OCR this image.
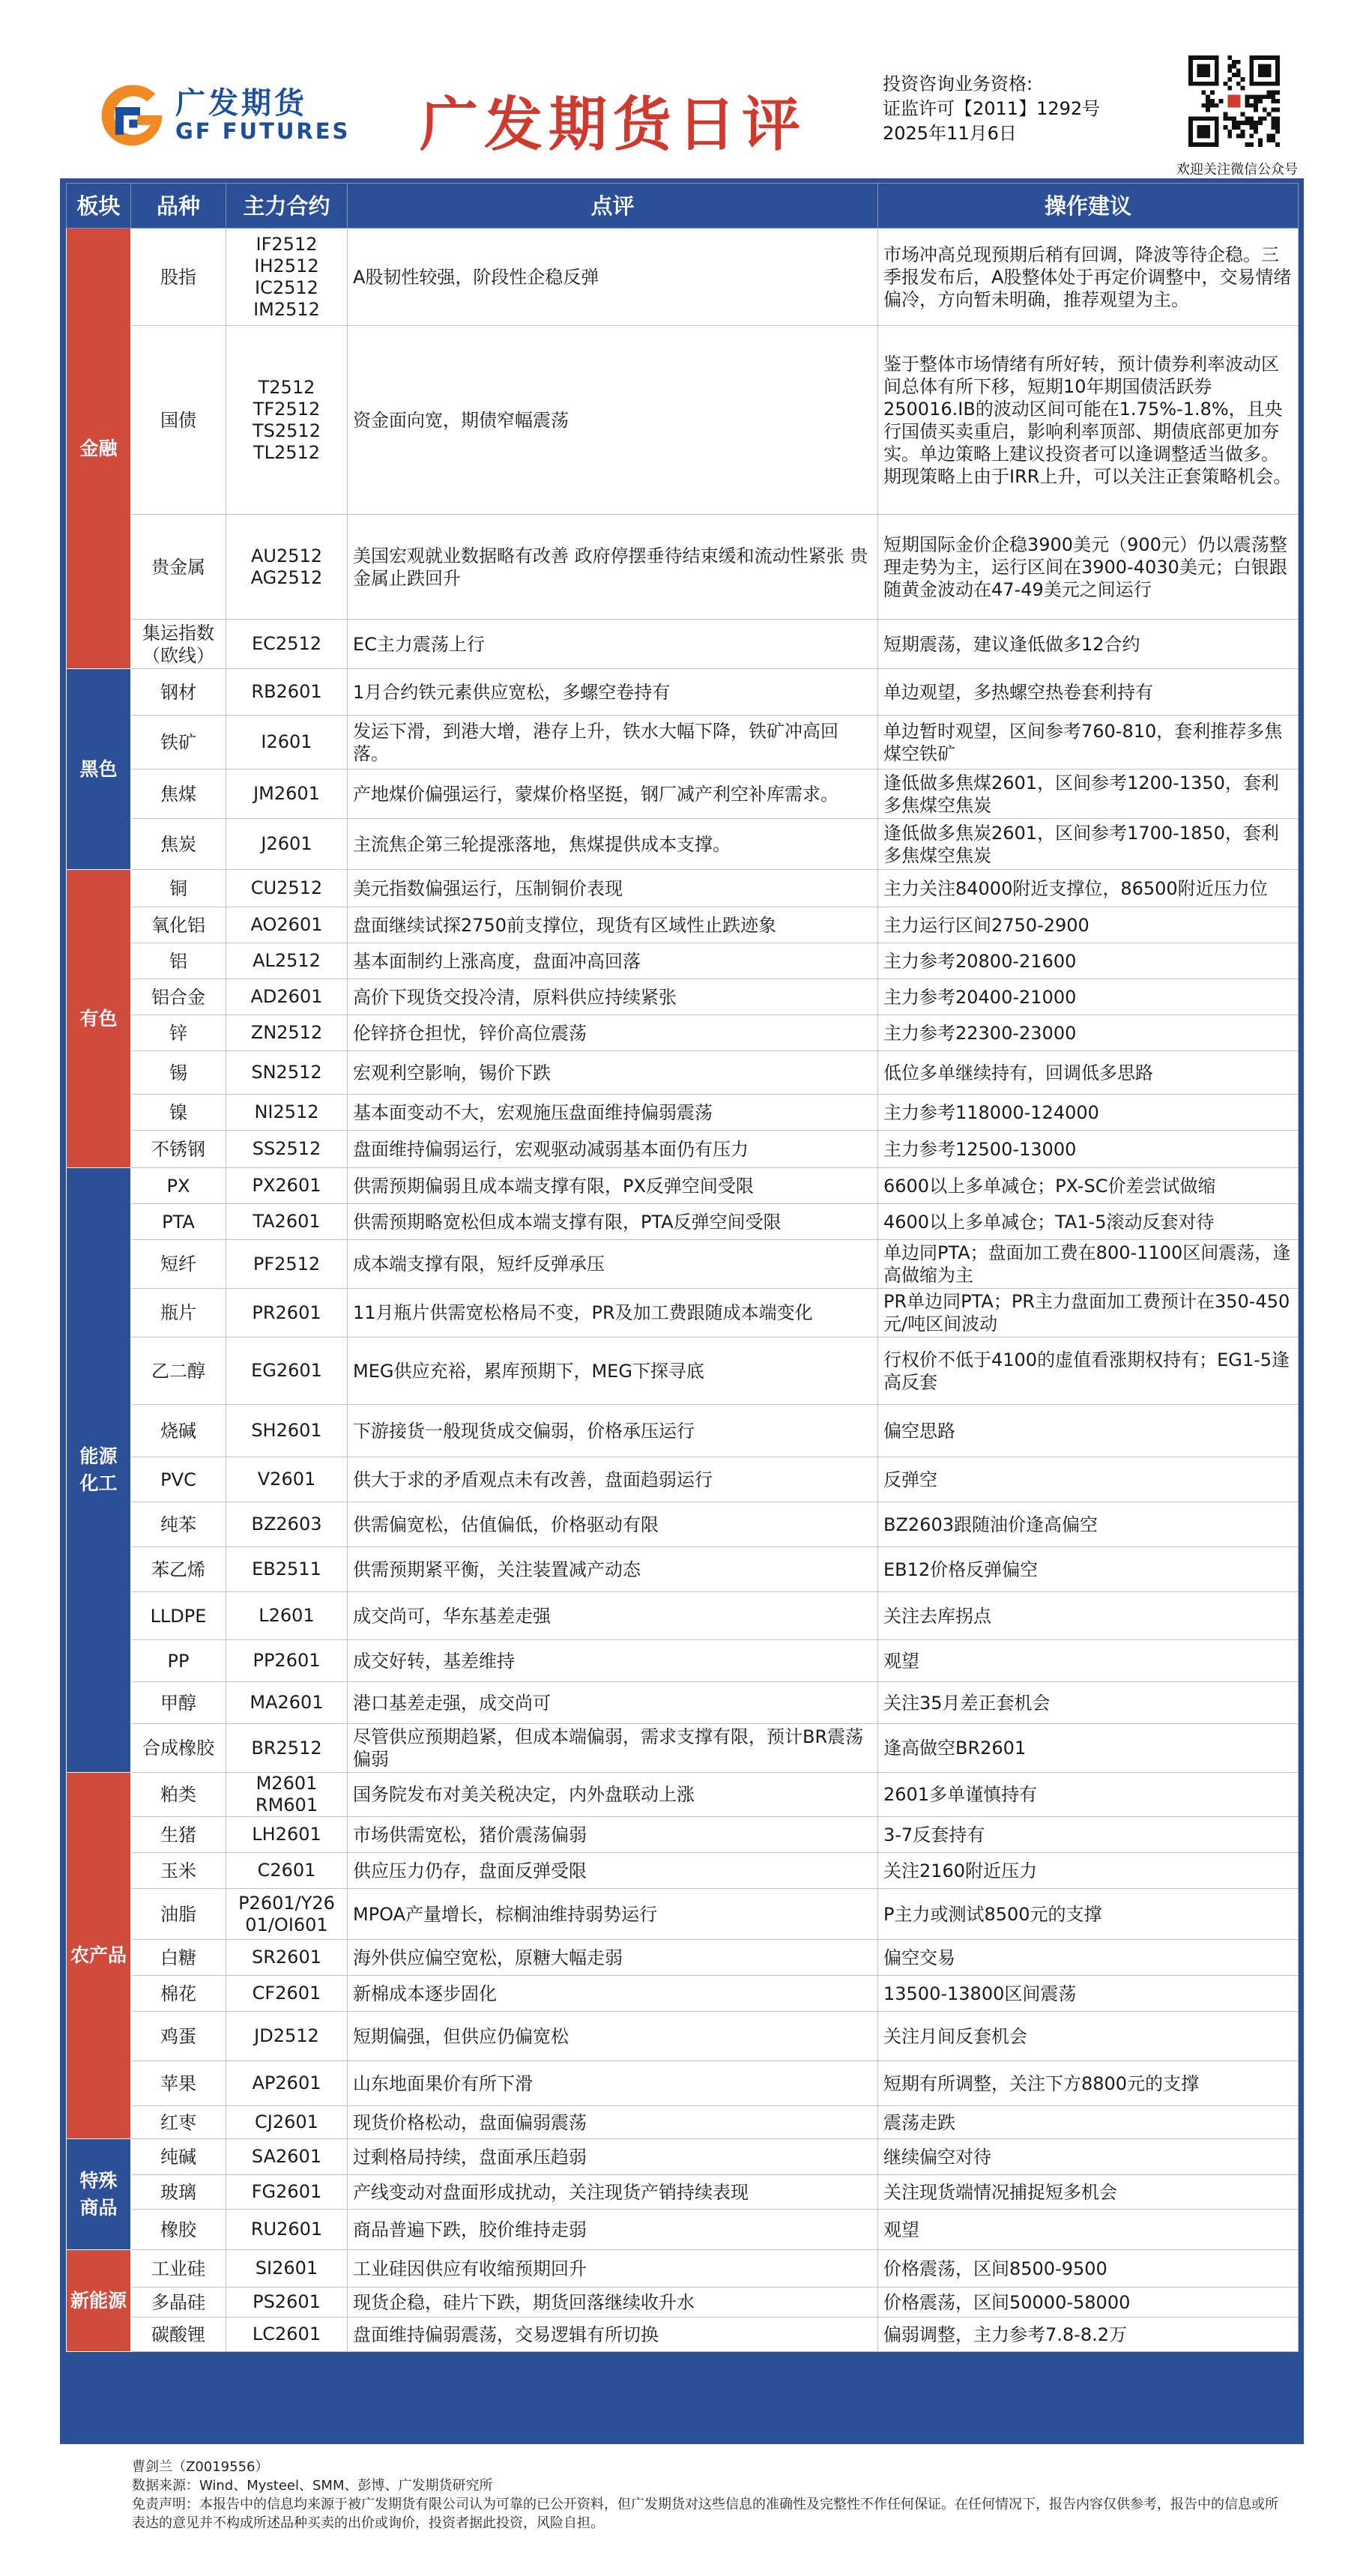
广发期货
GF FUTURES 广发期货日评
投资咨询业务资格:
证监许可【2011】1292号
2025年11月6日
欢迎关注微信公众号
板块	品种	主力合约	点评	操作建议
金融	股指	IF2512
IH2512
IC2512
IM2512	A股韧性较强，阶段性企稳反弹	市场冲高兑现预期后稍有回调，降波等待企稳。三季报发布后，A股整体处于再定价调整中，交易情绪偏冷，方向暂未明确，推荐观望为主。
	国债	T2512
TF2512
TS2512
TL2512	资金面向宽，期债窄幅震荡	鉴于整体市场情绪有所好转，预计债券利率波动区间总体有所下移，短期10年期国债活跃券250016.IB的波动区间可能在1.75%-1.8%，且央行国债买卖重启，影响利率顶部、期债底部更加夯实。单边策略上建议投资者可以逢调整适当做多。期现策略上由于IRR上升，可以关注正套策略机会。
	贵金属	AU2512
AG2512	美国宏观就业数据略有改善 政府停摆垂待结束缓和流动性紧张 贵金属止跌回升	短期国际金价企稳3900美元（900元）仍以震荡整理走势为主，运行区间在3900-4030美元；白银跟随黄金波动在47-49美元之间运行
	集运指数
（欧线）	EC2512	EC主力震荡上行	短期震荡，建议逢低做多12合约
黑色	钢材	RB2601	1月合约铁元素供应宽松，多螺空卷持有	单边观望，多热螺空热卷套利持有
	铁矿	I2601	发运下滑，到港大增，港存上升，铁水大幅下降，铁矿冲高回落。	单边暂时观望，区间参考760-810，套利推荐多焦煤空铁矿
	焦煤	JM2601	产地煤价偏强运行，蒙煤价格坚挺，钢厂减产利空补库需求。	逢低做多焦煤2601，区间参考1200-1350，套利多焦煤空焦炭
	焦炭	J2601	主流焦企第三轮提涨落地，焦煤提供成本支撑。	逢低做多焦炭2601，区间参考1700-1850，套利多焦煤空焦炭
有色	铜	CU2512	美元指数偏强运行，压制铜价表现	主力关注84000附近支撑位，86500附近压力位
	氧化铝	AO2601	盘面继续试探2750前支撑位，现货有区域性止跌迹象	主力运行区间2750-2900
	铝	AL2512	基本面制约上涨高度，盘面冲高回落	主力参考20800-21600
	铝合金	AD2601	高价下现货交投冷清，原料供应持续紧张	主力参考20400-21000
	锌	ZN2512	伦锌挤仓担忧，锌价高位震荡	主力参考22300-23000
	锡	SN2512	宏观利空影响，锡价下跌	低位多单继续持有，回调低多思路
	镍	NI2512	基本面变动不大，宏观施压盘面维持偏弱震荡	主力参考118000-124000
	不锈钢	SS2512	盘面维持偏弱运行，宏观驱动减弱基本面仍有压力	主力参考12500-13000
能源
化工	PX	PX2601	供需预期偏弱且成本端支撑有限，PX反弹空间受限	6600以上多单减仓；PX-SC价差尝试做缩
	PTA	TA2601	供需预期略宽松但成本端支撑有限，PTA反弹空间受限	4600以上多单减仓；TA1-5滚动反套对待
	短纤	PF2512	成本端支撑有限，短纤反弹承压	单边同PTA；盘面加工费在800-1100区间震荡，逢高做缩为主
	瓶片	PR2601	11月瓶片供需宽松格局不变，PR及加工费跟随成本端变化	PR单边同PTA；PR主力盘面加工费预计在350-450元/吨区间波动
	乙二醇	EG2601	MEG供应充裕，累库预期下，MEG下探寻底	行权价不低于4100的虚值看涨期权持有；EG1-5逢高反套
	烧碱	SH2601	下游接货一般现货成交偏弱，价格承压运行	偏空思路
	PVC	V2601	供大于求的矛盾观点未有改善，盘面趋弱运行	反弹空
	纯苯	BZ2603	供需偏宽松，估值偏低，价格驱动有限	BZ2603跟随油价逢高偏空
	苯乙烯	EB2511	供需预期紧平衡，关注装置减产动态	EB12价格反弹偏空
	LLDPE	L2601	成交尚可，华东基差走强	关注去库拐点
	PP	PP2601	成交好转，基差维持	观望
	甲醇	MA2601	港口基差走强，成交尚可	关注35月差正套机会
	合成橡胶	BR2512	尽管供应预期趋紧，但成本端偏弱，需求支撑有限，预计BR震荡偏弱	逢高做空BR2601
农产品	粕类	M2601
RM601	国务院发布对美关税决定，内外盘联动上涨	2601多单谨慎持有
	生猪	LH2601	市场供需宽松，猪价震荡偏弱	3-7反套持有
	玉米	C2601	供应压力仍存，盘面反弹受限	关注2160附近压力
	油脂	P2601/Y26
01/OI601	MPOA产量增长，棕榈油维持弱势运行	P主力或测试8500元的支撑
	白糖	SR2601	海外供应偏空宽松，原糖大幅走弱	偏空交易
	棉花	CF2601	新棉成本逐步固化	13500-13800区间震荡
	鸡蛋	JD2512	短期偏强，但供应仍偏宽松	关注月间反套机会
	苹果	AP2601	山东地面果价有所下滑	短期有所调整，关注下方8800元的支撑
	红枣	CJ2601	现货价格松动，盘面偏弱震荡	震荡走跌
特殊
商品	纯碱	SA2601	过剩格局持续，盘面承压趋弱	继续偏空对待
	玻璃	FG2601	产线变动对盘面形成扰动，关注现货产销持续表现	关注现货端情况捕捉短多机会
	橡胶	RU2601	商品普遍下跌，胶价维持走弱	观望
新能源	工业硅	SI2601	工业硅因供应有收缩预期回升	价格震荡，区间8500-9500
	多晶硅	PS2601	现货企稳，硅片下跌，期货回落继续收升水	价格震荡，区间50000-58000
	碳酸锂	LC2601	盘面维持偏弱震荡，交易逻辑有所切换	偏弱调整，主力参考7.8-8.2万
曹剑兰（Z0019556）
数据来源：Wind、Mysteel、SMM、彭博、广发期货研究所
免责声明：本报告中的信息均来源于被广发期货有限公司认为可靠的已公开资料，但广发期货对这些信息的准确性及完整性不作任何保证。在任何情况下，报告内容仅供参考，报告中的信息或所表达的意见并不构成所述品种买卖的出价或询价，投资者据此投资，风险自担。
